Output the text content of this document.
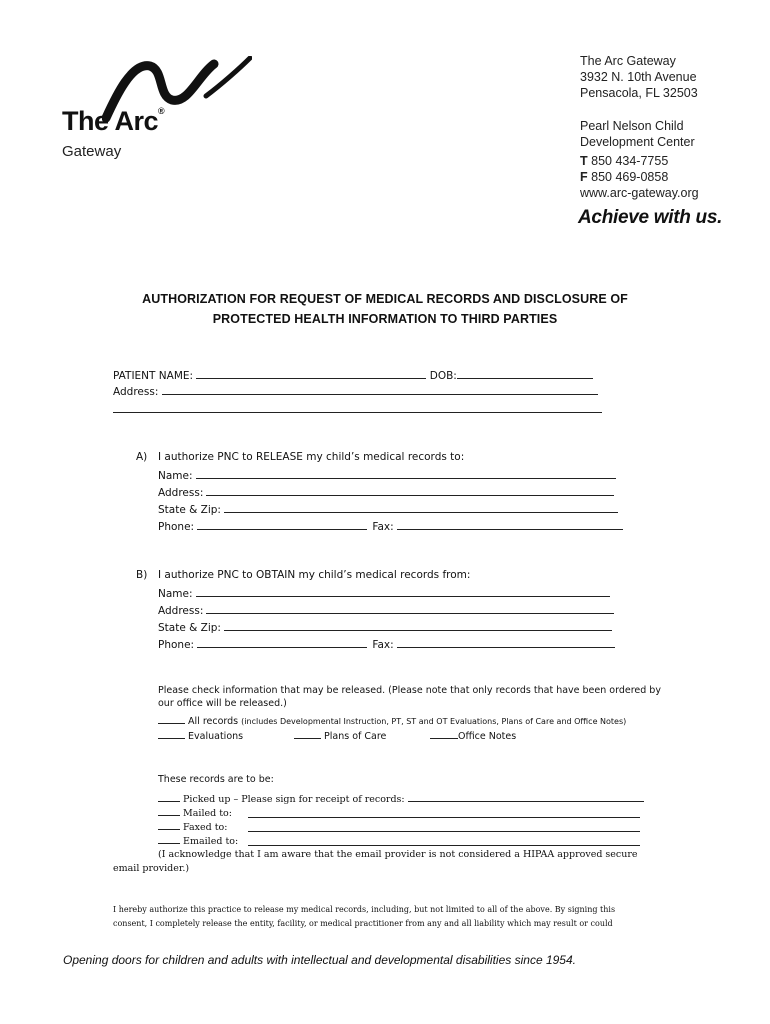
The Arc®
Gateway
The Arc Gateway
3932 N. 10th Avenue
Pensacola, FL 32503
Pearl Nelson Child
Development Center
T 850 434-7755
F 850 469-0858
www.arc-gateway.org
Achieve with us.
AUTHORIZATION FOR REQUEST OF MEDICAL RECORDS AND DISCLOSURE OF
PROTECTED HEALTH INFORMATION TO THIRD PARTIES
PATIENT NAME:	DOB:
Address:
A) I authorize PNC to RELEASE my child’s medical records to:
Name:
Address:
State & Zip:
Phone:	Fax:
B) I authorize PNC to OBTAIN my child’s medical records from:
Name:
Address:
State & Zip:
Phone:	Fax:
Please check information that may be released. (Please note that only records that have been ordered by
our office will be released.)
All records (includes Developmental Instruction, PT, ST and OT Evaluations, Plans of Care and Office Notes)
Evaluations	Plans of Care	Office Notes
These records are to be:
Picked up – Please sign for receipt of records:
Mailed to:
Faxed to:
Emailed to:
(I acknowledge that I am aware that the email provider is not considered a HIPAA approved secure
email provider.)
I hereby authorize this practice to release my medical records, including, but not limited to all of the above. By signing this
consent, I completely release the entity, facility, or medical practitioner from any and all liability which may result or could
Opening doors for children and adults with intellectual and developmental disabilities since 1954.
